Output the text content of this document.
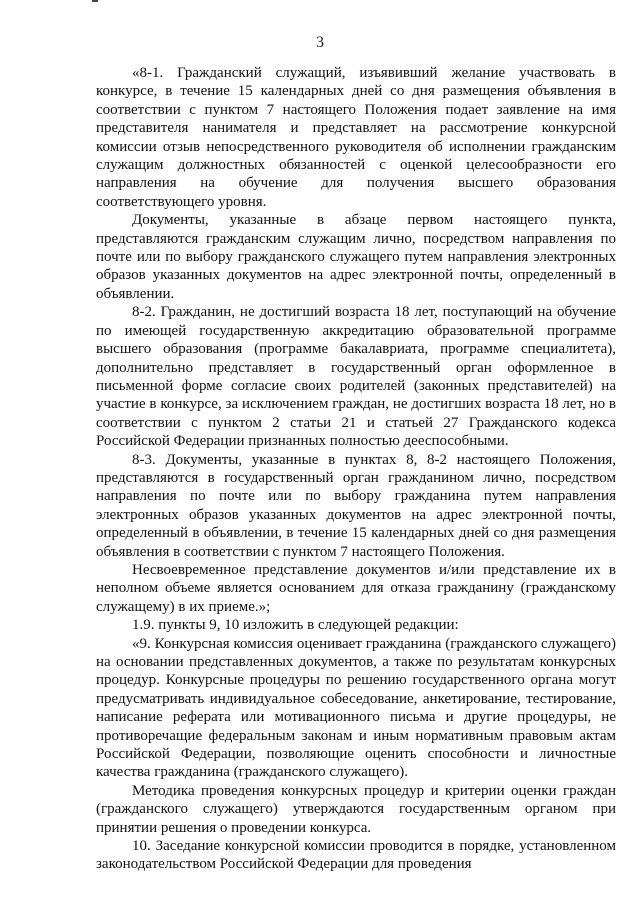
3

«8-1. Гражданский служащий, изъявивший желание участвовать в конкурсе, в течение 15 календарных дней со дня размещения объявления в соответствии с пунктом 7 настоящего Положения подает заявление на имя представителя нанимателя и представляет на рассмотрение конкурсной комиссии отзыв непосредственного руководителя об исполнении гражданским служащим должностных обязанностей с оценкой целесообразности его направления на обучение для получения высшего образования соответствующего уровня.

Документы, указанные в абзаце первом настоящего пункта, представляются гражданским служащим лично, посредством направления по почте или по выбору гражданского служащего путем направления электронных образов указанных документов на адрес электронной почты, определенный в объявлении.

8-2. Гражданин, не достигший возраста 18 лет, поступающий на обучение по имеющей государственную аккредитацию образовательной программе высшего образования (программе бакалавриата, программе специалитета), дополнительно представляет в государственный орган оформленное в письменной форме согласие своих родителей (законных представителей) на участие в конкурсе, за исключением граждан, не достигших возраста 18 лет, но в соответствии с пунктом 2 статьи 21 и статьей 27 Гражданского кодекса Российской Федерации признанных полностью дееспособными.

8-3. Документы, указанные в пунктах 8, 8-2 настоящего Положения, представляются в государственный орган гражданином лично, посредством направления по почте или по выбору гражданина путем направления электронных образов указанных документов на адрес электронной почты, определенный в объявлении, в течение 15 календарных дней со дня размещения объявления в соответствии с пунктом 7 настоящего Положения.

Несвоевременное представление документов и/или представление их в неполном объеме является основанием для отказа гражданину (гражданскому служащему) в их приеме.»;

1.9. пункты 9, 10 изложить в следующей редакции:

«9. Конкурсная комиссия оценивает гражданина (гражданского служащего) на основании представленных документов, а также по результатам конкурсных процедур. Конкурсные процедуры по решению государственного органа могут предусматривать индивидуальное собеседование, анкетирование, тестирование, написание реферата или мотивационного письма и другие процедуры, не противоречащие федеральным законам и иным нормативным правовым актам Российской Федерации, позволяющие оценить способности и личностные качества гражданина (гражданского служащего).

Методика проведения конкурсных процедур и критерии оценки граждан (гражданского служащего) утверждаются государственным органом при принятии решения о проведении конкурса.

10. Заседание конкурсной комиссии проводится в порядке, установленном законодательством Российской Федерации для проведения
